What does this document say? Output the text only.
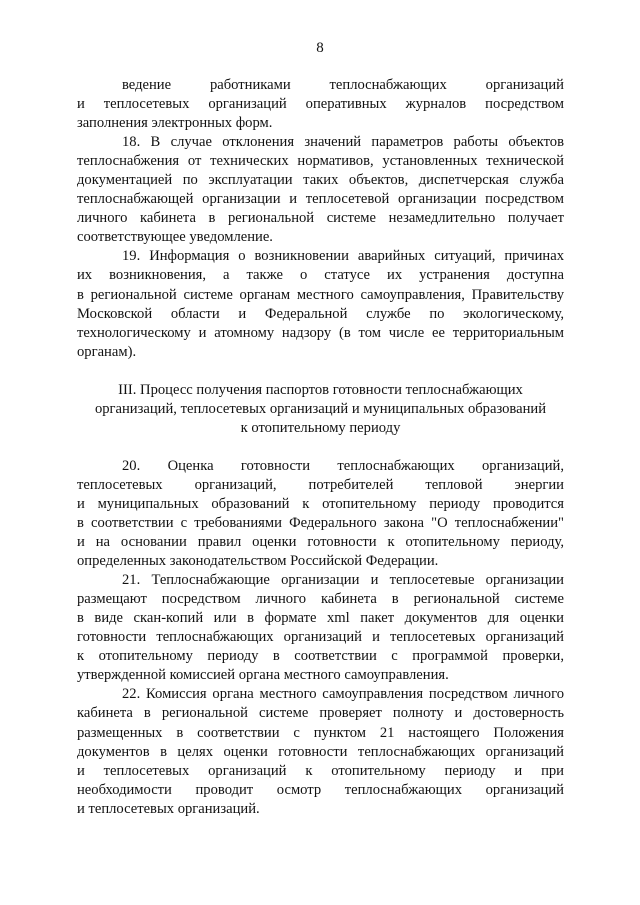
8
ведение работниками теплоснабжающих организаций
и теплосетевых организаций оперативных журналов посредством
заполнения электронных форм.
18. В случае отклонения значений параметров работы объектов
теплоснабжения от технических нормативов, установленных технической
документацией по эксплуатации таких объектов, диспетчерская служба
теплоснабжающей организации и теплосетевой организации посредством
личного кабинета в региональной системе незамедлительно получает
соответствующее уведомление.
19. Информация о возникновении аварийных ситуаций, причинах
их возникновения, а также о статусе их устранения доступна
в региональной системе органам местного самоуправления, Правительству
Московской области и Федеральной службе по экологическому,
технологическому и атомному надзору (в том числе ее территориальным
органам).
III. Процесс получения паспортов готовности теплоснабжающих
организаций, теплосетевых организаций и муниципальных образований
к отопительному периоду
20. Оценка готовности теплоснабжающих организаций,
теплосетевых организаций, потребителей тепловой энергии
и муниципальных образований к отопительному периоду проводится
в соответствии с требованиями Федерального закона "О теплоснабжении"
и на основании правил оценки готовности к отопительному периоду,
определенных законодательством Российской Федерации.
21. Теплоснабжающие организации и теплосетевые организации
размещают посредством личного кабинета в региональной системе
в виде скан-копий или в формате xml пакет документов для оценки
готовности теплоснабжающих организаций и теплосетевых организаций
к отопительному периоду в соответствии с программой проверки,
утвержденной комиссией органа местного самоуправления.
22. Комиссия органа местного самоуправления посредством личного
кабинета в региональной системе проверяет полноту и достоверность
размещенных в соответствии с пунктом 21 настоящего Положения
документов в целях оценки готовности теплоснабжающих организаций
и теплосетевых организаций к отопительному периоду и при
необходимости проводит осмотр теплоснабжающих организаций
и теплосетевых организаций.
